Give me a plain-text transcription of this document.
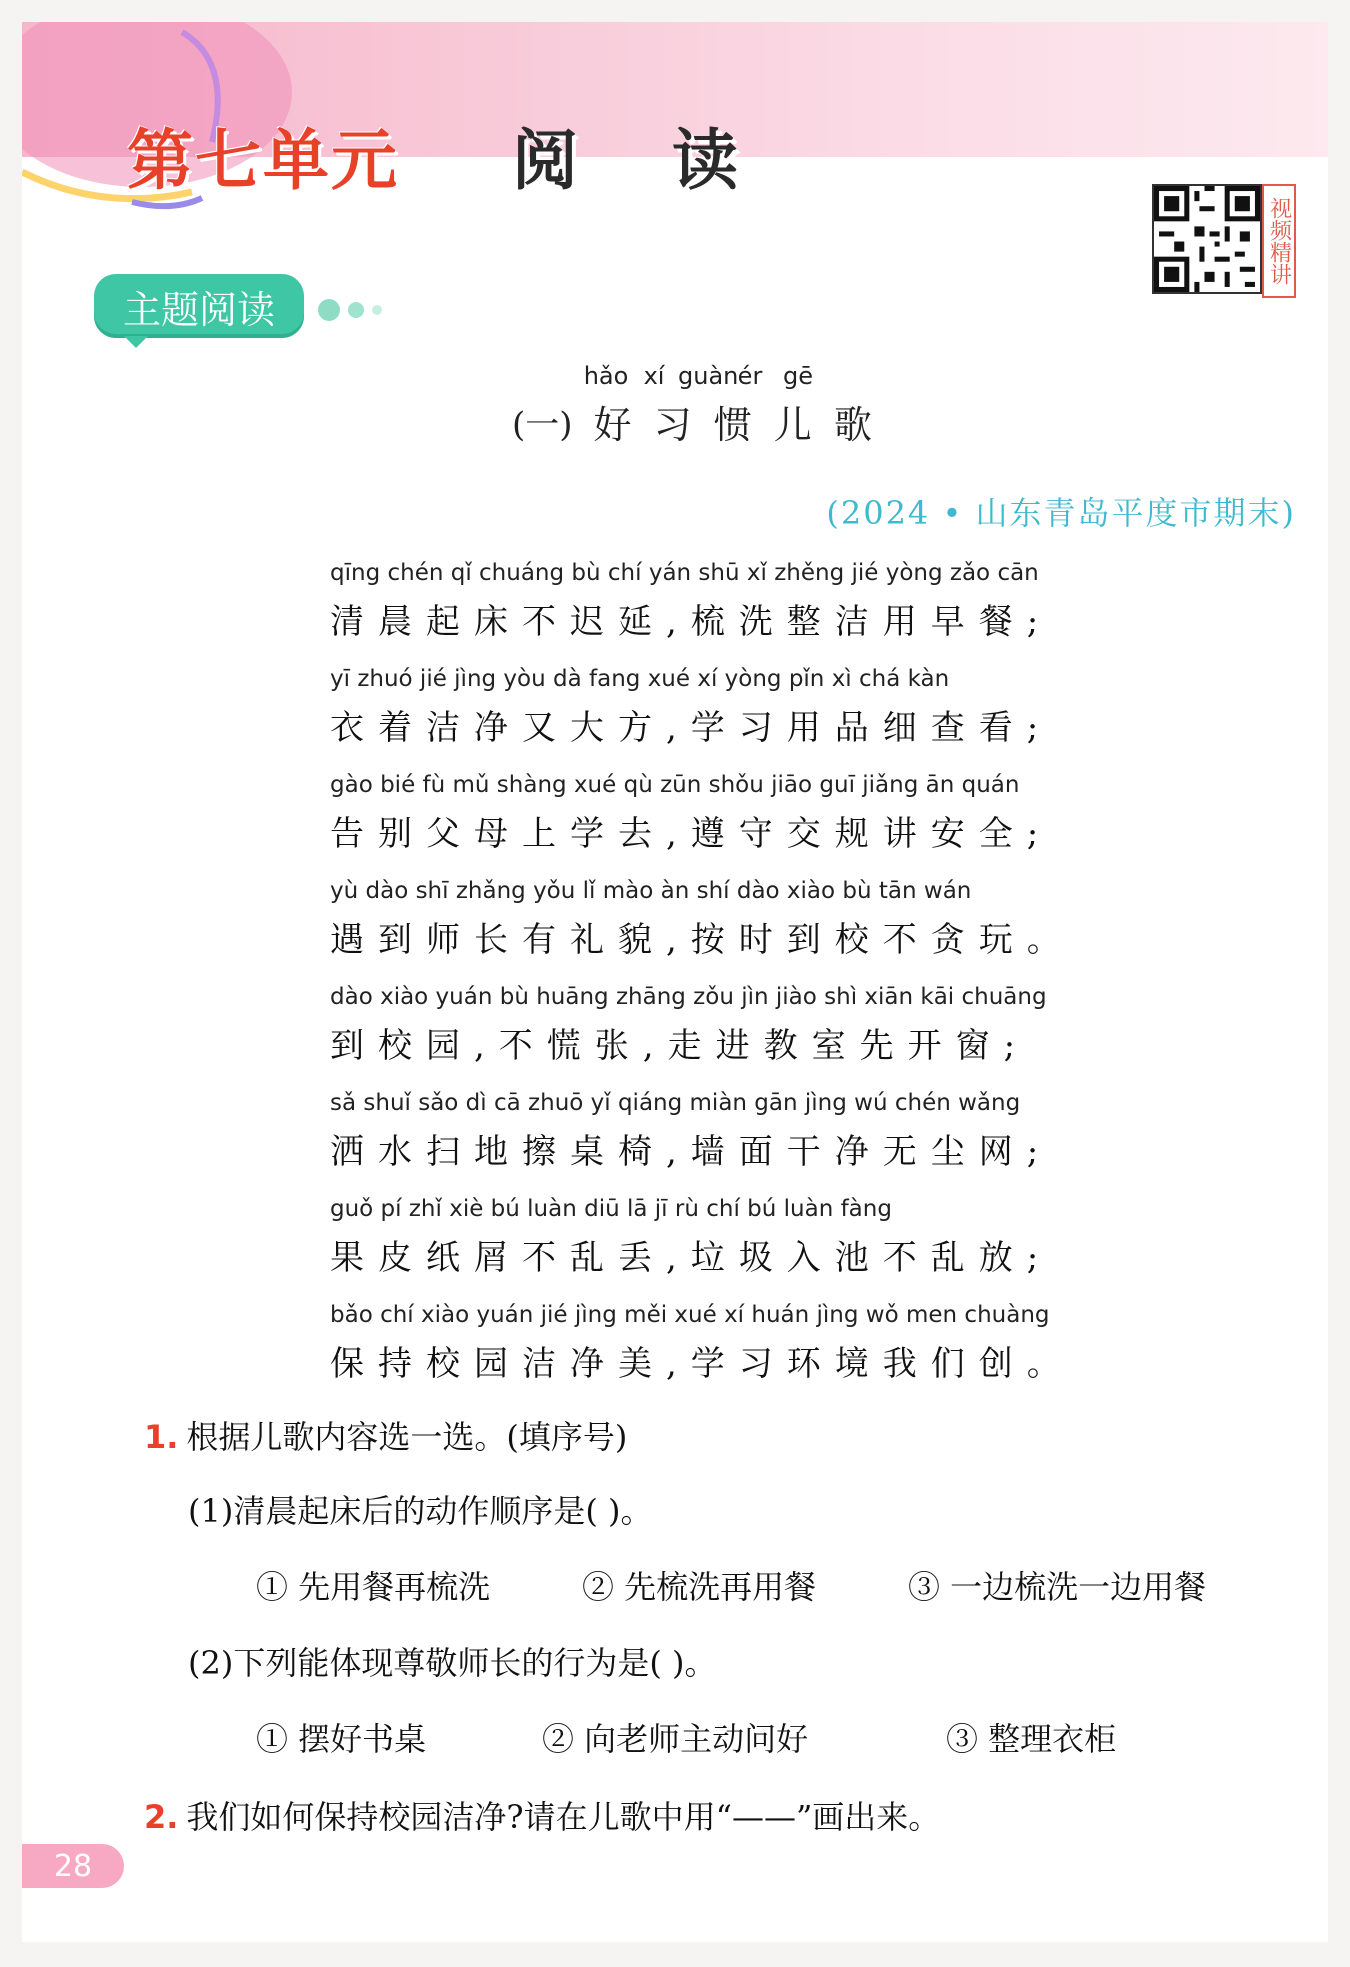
第七单元 阅 读
视频精讲
主题阅读
hǎo xí guàn ér gē
(一) 好 习 惯 儿 歌
(2024 • 山东青岛平度市期末)
qīng chén qǐ chuáng bù chí yán shū xǐ zhěng jié yòng zǎo cān
清晨起床不迟延,梳洗整洁用早餐;
yī zhuó jié jìng yòu dà fang xué xí yòng pǐn xì chá kàn
衣着洁净又大方,学习用品细查看;
gào bié fù mǔ shàng xué qù zūn shǒu jiāo guī jiǎng ān quán
告别父母上学去,遵守交规讲安全;
yù dào shī zhǎng yǒu lǐ mào àn shí dào xiào bù tān wán
遇到师长有礼貌,按时到校不贪玩。
dào xiào yuán bù huāng zhāng zǒu jìn jiào shì xiān kāi chuāng
到校园,不慌张,走进教室先开窗;
sǎ shuǐ sǎo dì cā zhuō yǐ qiáng miàn gān jìng wú chén wǎng
洒水扫地擦桌椅,墙面干净无尘网;
guǒ pí zhǐ xiè bú luàn diū lā jī rù chí bú luàn fàng
果皮纸屑不乱丢,垃圾入池不乱放;
bǎo chí xiào yuán jié jìng měi xué xí huán jìng wǒ men chuàng
保持校园洁净美,学习环境我们创。
1. 根据儿歌内容选一选。(填序号)
(1)清晨起床后的动作顺序是( )。
① 先用餐再梳洗	② 先梳洗再用餐	③ 一边梳洗一边用餐
(2)下列能体现尊敬师长的行为是( )。
① 摆好书桌	② 向老师主动问好	③ 整理衣柜
2. 我们如何保持校园洁净?请在儿歌中用“——”画出来。
28
